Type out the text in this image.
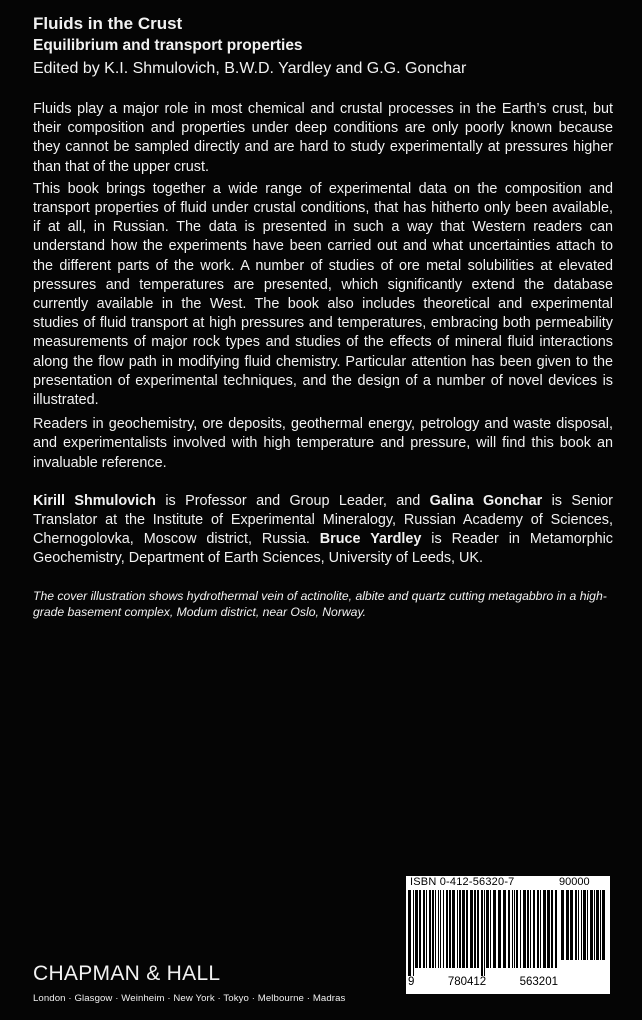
Fluids in the Crust
Equilibrium and transport properties
Edited by K.I. Shmulovich, B.W.D. Yardley and G.G. Gonchar

Fluids play a major role in most chemical and crustal processes in the Earth’s crust, but their composition and properties under deep conditions are only poorly known because they cannot be sampled directly and are hard to study experimentally at pressures higher than that of the upper crust.

This book brings together a wide range of experimental data on the composition and transport properties of fluid under crustal conditions, that has hitherto only been available, if at all, in Russian. The data is presented in such a way that Western readers can understand how the experiments have been carried out and what uncertainties attach to the different parts of the work. A number of studies of ore metal solubilities at elevated pressures and temperatures are presented, which significantly extend the database currently available in the West. The book also includes theoretical and experimental studies of fluid transport at high pressures and temperatures, embracing both permeability measurements of major rock types and studies of the effects of mineral fluid interactions along the flow path in modifying fluid chemistry. Particular attention has been given to the presentation of experimental techniques, and the design of a number of novel devices is illustrated.

Readers in geochemistry, ore deposits, geothermal energy, petrology and waste disposal, and experimentalists involved with high temperature and pressure, will find this book an invaluable reference.

Kirill Shmulovich is Professor and Group Leader, and Galina Gonchar is Senior Translator at the Institute of Experimental Mineralogy, Russian Academy of Sciences, Chernogolovka, Moscow district, Russia. Bruce Yardley is Reader in Metamorphic Geochemistry, Department of Earth Sciences, University of Leeds, UK.

The cover illustration shows hydrothermal vein of actinolite, albite and quartz cutting metagabbro in a high-grade basement complex, Modum district, near Oslo, Norway.

ISBN 0-412-56320-7	90000
9	780412	563201
CHAPMAN & HALL
London · Glasgow · Weinheim · New York · Tokyo · Melbourne · Madras
